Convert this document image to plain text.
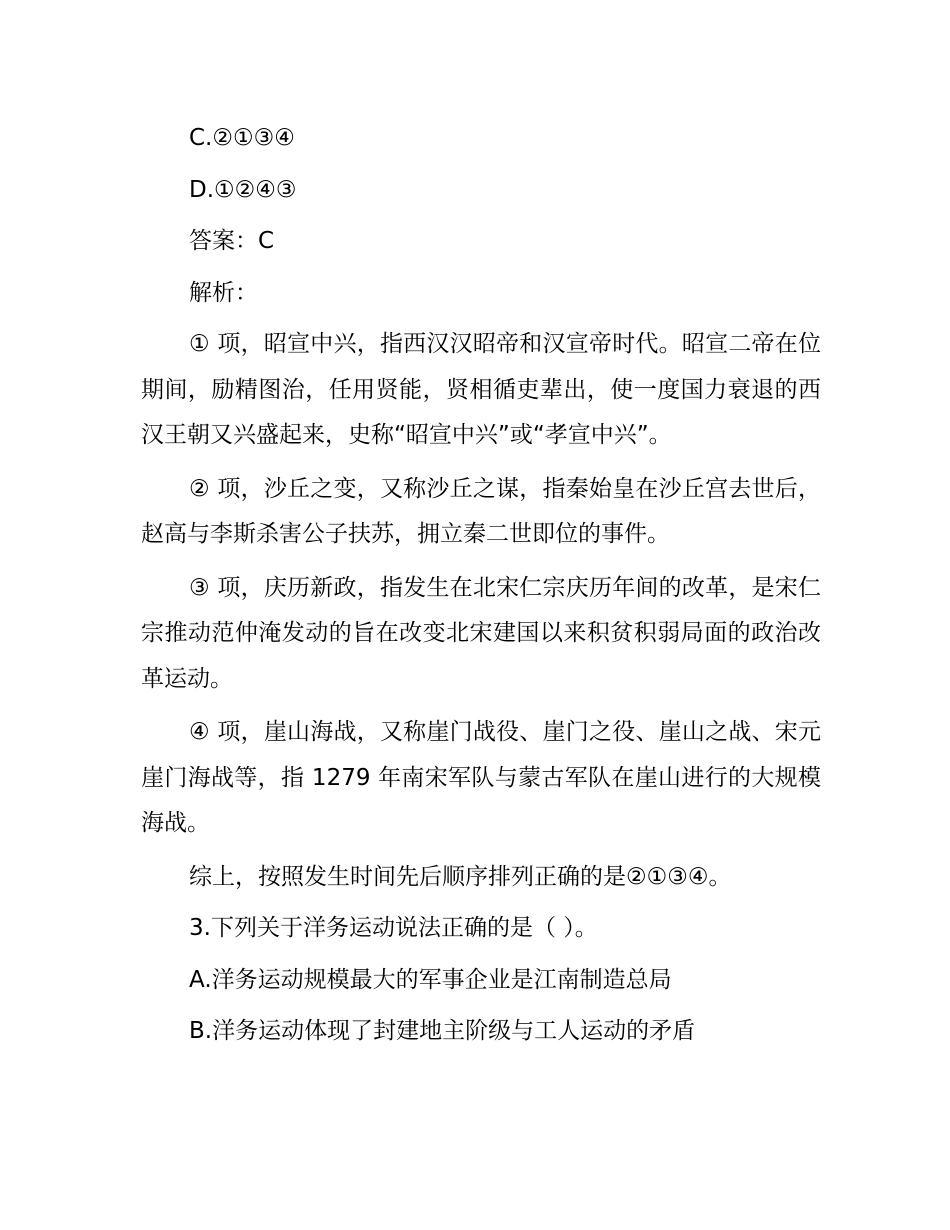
C.②①③④

D.①②④③

答案：C

解析：

① 项，昭宣中兴，指西汉汉昭帝和汉宣帝时代。昭宣二帝在位期间，励精图治，任用贤能，贤相循吏辈出，使一度国力衰退的西汉王朝又兴盛起来，史称“昭宣中兴”或“孝宣中兴”。

② 项，沙丘之变，又称沙丘之谋，指秦始皇在沙丘宫去世后，赵高与李斯杀害公子扶苏，拥立秦二世即位的事件。

③ 项，庆历新政，指发生在北宋仁宗庆历年间的改革，是宋仁宗推动范仲淹发动的旨在改变北宋建国以来积贫积弱局面的政治改革运动。

④ 项，崖山海战，又称崖门战役、崖门之役、崖山之战、宋元崖门海战等，指 1279 年南宋军队与蒙古军队在崖山进行的大规模海战。

综上，按照发生时间先后顺序排列正确的是②①③④。

3.下列关于洋务运动说法正确的是（ ）。

A.洋务运动规模最大的军事企业是江南制造总局

B.洋务运动体现了封建地主阶级与工人运动的矛盾
